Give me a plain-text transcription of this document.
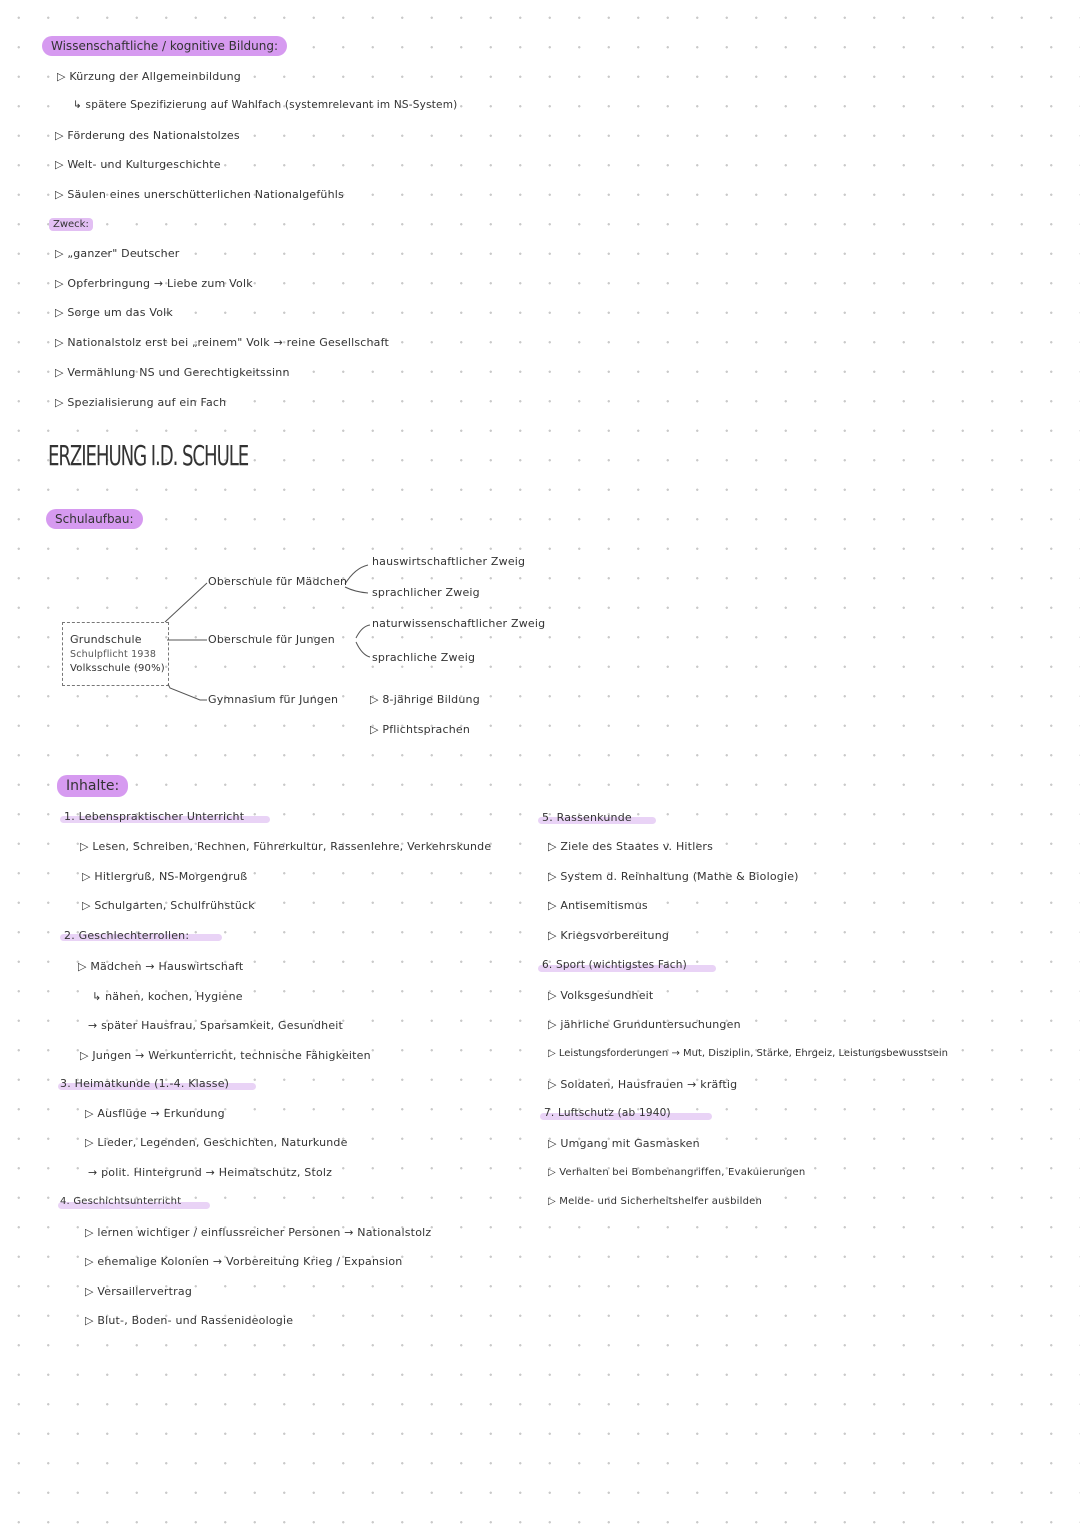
Wissenschaftliche / kognitive Bildung:
▷ Kürzung der Allgemeinbildung
↳ spätere Spezifizierung auf Wahlfach (systemrelevant im NS-System)
▷ Förderung des Nationalstolzes
▷ Welt- und Kulturgeschichte
▷ Säulen eines unerschütterlichen Nationalgefühls
Zweck:
▷ „ganzer" Deutscher
▷ Opferbringung → Liebe zum Volk
▷ Sorge um das Volk
▷ Nationalstolz erst bei „reinem" Volk → reine Gesellschaft
▷ Vermählung NS und Gerechtigkeitssinn
▷ Spezialisierung auf ein Fach
ERZIEHUNG I.D. SCHULE
Schulaufbau:
Grundschule
Schulpflicht 1938
Volksschule (90%)
Oberschule für Mädchen
hauswirtschaftlicher Zweig
sprachlicher Zweig
Oberschule für Jungen
naturwissenschaftlicher Zweig
sprachliche Zweig
Gymnasium für Jungen	▷ 8-jährige Bildung
▷ Pflichtsprachen
Inhalte:
1. Lebenspraktischer Unterricht
▷ Lesen, Schreiben, Rechnen, Führerkultur, Rassenlehre, Verkehrskunde
▷ Hitlergruß, NS-Morgengruß
▷ Schulgarten, Schulfrühstück
2. Geschlechterrollen:
▷ Mädchen → Hauswirtschaft
↳ nähen, kochen, Hygiene
→ später Hausfrau, Sparsamkeit, Gesundheit
▷ Jungen → Werkunterricht, technische Fähigkeiten
3. Heimatkunde (1.-4. Klasse)
▷ Ausflüge → Erkundung
▷ Lieder, Legenden, Geschichten, Naturkunde
→ polit. Hintergrund → Heimatschutz, Stolz
4. Geschichtsunterricht
▷ lernen wichtiger / einflussreicher Personen → Nationalstolz
▷ ehemalige Kolonien → Vorbereitung Krieg / Expansion
▷ Versaillervertrag
▷ Blut-, Boden- und Rassenideologie
5. Rassenkunde
▷ Ziele des Staates v. Hitlers
▷ System d. Reinhaltung (Mathe & Biologie)
▷ Antisemitismus
▷ Kriegsvorbereitung
6. Sport (wichtigstes Fach)
▷ Volksgesundheit
▷ jährliche Grunduntersuchungen
▷ Leistungsforderungen → Mut, Disziplin, Stärke, Ehrgeiz, Leistungsbewusstsein
▷ Soldaten, Hausfrauen → kräftig
7. Luftschutz (ab 1940)
▷ Umgang mit Gasmasken
▷ Verhalten bei Bombenangriffen, Evakuierungen
▷ Melde- und Sicherheitshelfer ausbilden
